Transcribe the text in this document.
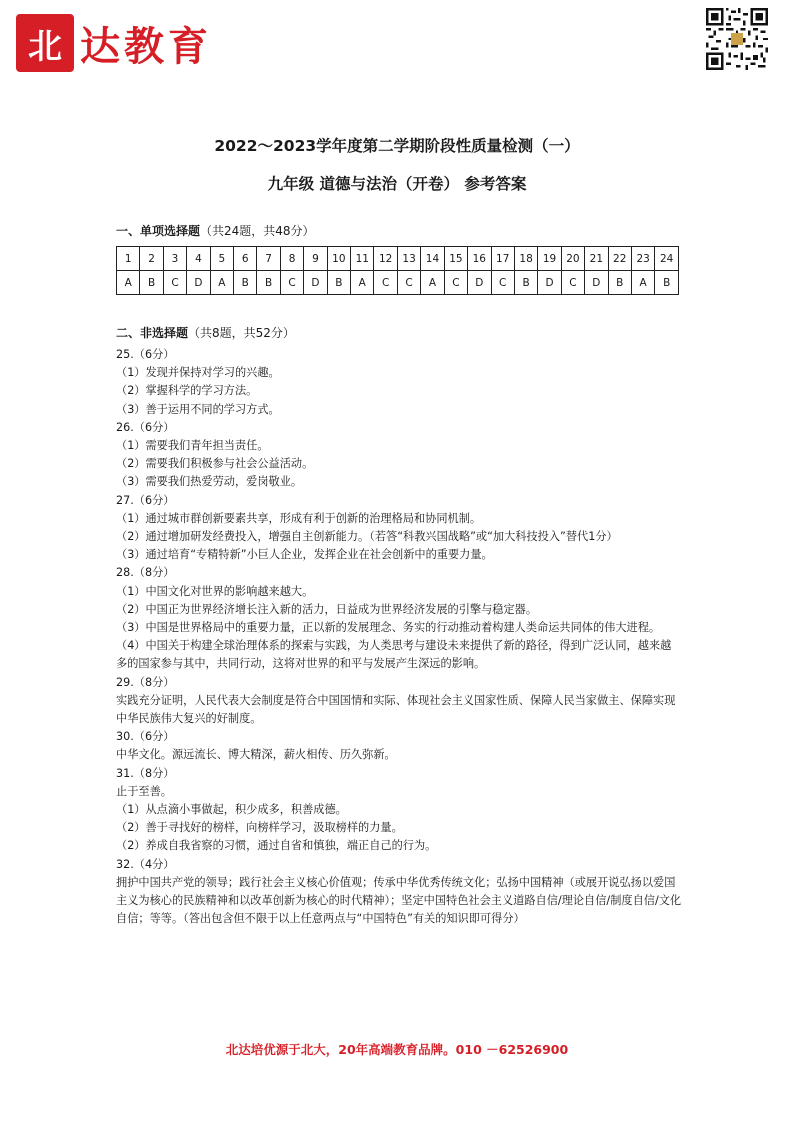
北 达教育
2022～2023学年度第二学期阶段性质量检测（一）
九年级 道德与法治（开卷） 参考答案
一、单项选择题（共24题，共48分）
1	2	3	4	5	6	7	8	9	10	11	12	13	14	15	16	17	18	19	20	21	22	23	24
A	B	C	D	A	B	B	C	D	B	A	C	C	A	C	D	C	B	D	C	D	B	A	B
二、非选择题（共8题，共52分）

25.（6分）

（1）发现并保持对学习的兴趣。

（2）掌握科学的学习方法。

（3）善于运用不同的学习方式。

26.（6分）

（1）需要我们青年担当责任。

（2）需要我们积极参与社会公益活动。

（3）需要我们热爱劳动，爱岗敬业。

27.（6分）

（1）通过城市群创新要素共享，形成有利于创新的治理格局和协同机制。

（2）通过增加研发经费投入，增强自主创新能力。（若答“科教兴国战略”或“加大科技投入”替代1分）

（3）通过培育“专精特新”小巨人企业，发挥企业在社会创新中的重要力量。

28.（8分）

（1）中国文化对世界的影响越来越大。

（2）中国正为世界经济增长注入新的活力，日益成为世界经济发展的引擎与稳定器。

（3）中国是世界格局中的重要力量，正以新的发展理念、务实的行动推动着构建人类命运共同体的伟大进程。

（4）中国关于构建全球治理体系的探索与实践，为人类思考与建设未来提供了新的路径，得到广泛认同，越来越多的国家参与其中，共同行动，这将对世界的和平与发展产生深远的影响。

29.（8分）

实践充分证明，人民代表大会制度是符合中国国情和实际、体现社会主义国家性质、保障人民当家做主、保障实现中华民族伟大复兴的好制度。

30.（6分）

中华文化。源远流长、博大精深，薪火相传、历久弥新。

31.（8分）

止于至善。

（1）从点滴小事做起，积少成多，积善成德。

（2）善于寻找好的榜样，向榜样学习，汲取榜样的力量。

（2）养成自我省察的习惯，通过自省和慎独，端正自己的行为。

32.（4分）

拥护中国共产党的领导；践行社会主义核心价值观；传承中华优秀传统文化；弘扬中国精神（或展开说弘扬以爱国主义为核心的民族精神和以改革创新为核心的时代精神）；坚定中国特色社会主义道路自信/理论自信/制度自信/文化自信；等等。（答出包含但不限于以上任意两点与“中国特色”有关的知识即可得分）

北达培优源于北大，20年高端教育品牌。010 －62526900
